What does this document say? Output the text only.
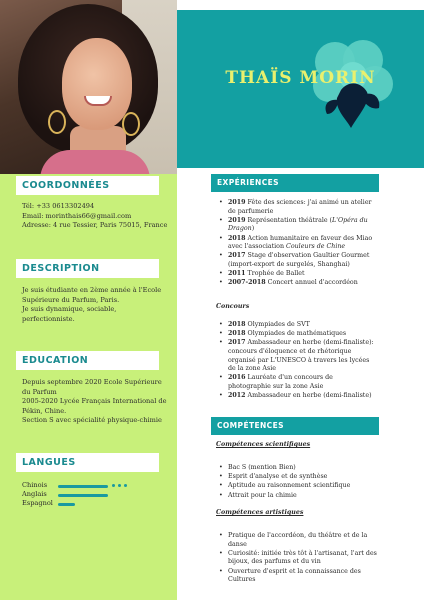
COORDONNÉES
Tél: +33 0613302494
Email: morinthais66@gmail.com
Adresse: 4 rue Tessier, Paris 75015, France
DESCRIPTION
Je suis étudiante en 2ème année à l'Ecole
Supérieure du Parfum, Paris.
Je suis dynamique, sociable,
perfectionniste.
EDUCATION
Depuis septembre 2020 Ecole Supérieure
du Parfum
2005-2020 Lycée Français International de
Pékin, Chine.
Section S avec spécialité physique-chimie
LANGUES
Chinois
Anglais
Espagnol
THAÏS MORIN
EXPÉRIENCES
• 2019 Fête des sciences: j'ai animé un atelier de parfumerie
• 2019 Représentation théâtrale (L'Opéra du Dragon)
• 2018 Action humanitaire en faveur des Miao avec l'association Couleurs de Chine
• 2017 Stage d'observation Gaultier Gourmet (import-export de surgelés, Shanghai)
• 2011 Trophée de Ballet
• 2007-2018 Concert annuel d'accordéon
Concours
• 2018 Olympiades de SVT
• 2018 Olympiades de mathématiques
• 2017 Ambassadeur en herbe (demi-finaliste): concours d'éloquence et de rhétorique organisé par L'UNESCO à travers les lycées de la zone Asie
• 2016 Lauréate d'un concours de photographie sur la zone Asie
• 2012 Ambassadeur en herbe (demi-finaliste)
COMPÉTENCES
Compétences scientifiques
• Bac S (mention Bien)
• Esprit d'analyse et de synthèse
• Aptitude au raisonnement scientifique
• Attrait pour la chimie
Compétences artistiques
• Pratique de l'accordéon, du théâtre et de la danse
• Curiosité: initiée très tôt à l'artisanat, l'art des bijoux, des parfums et du vin
• Ouverture d'esprit et la connaissance des Cultures
